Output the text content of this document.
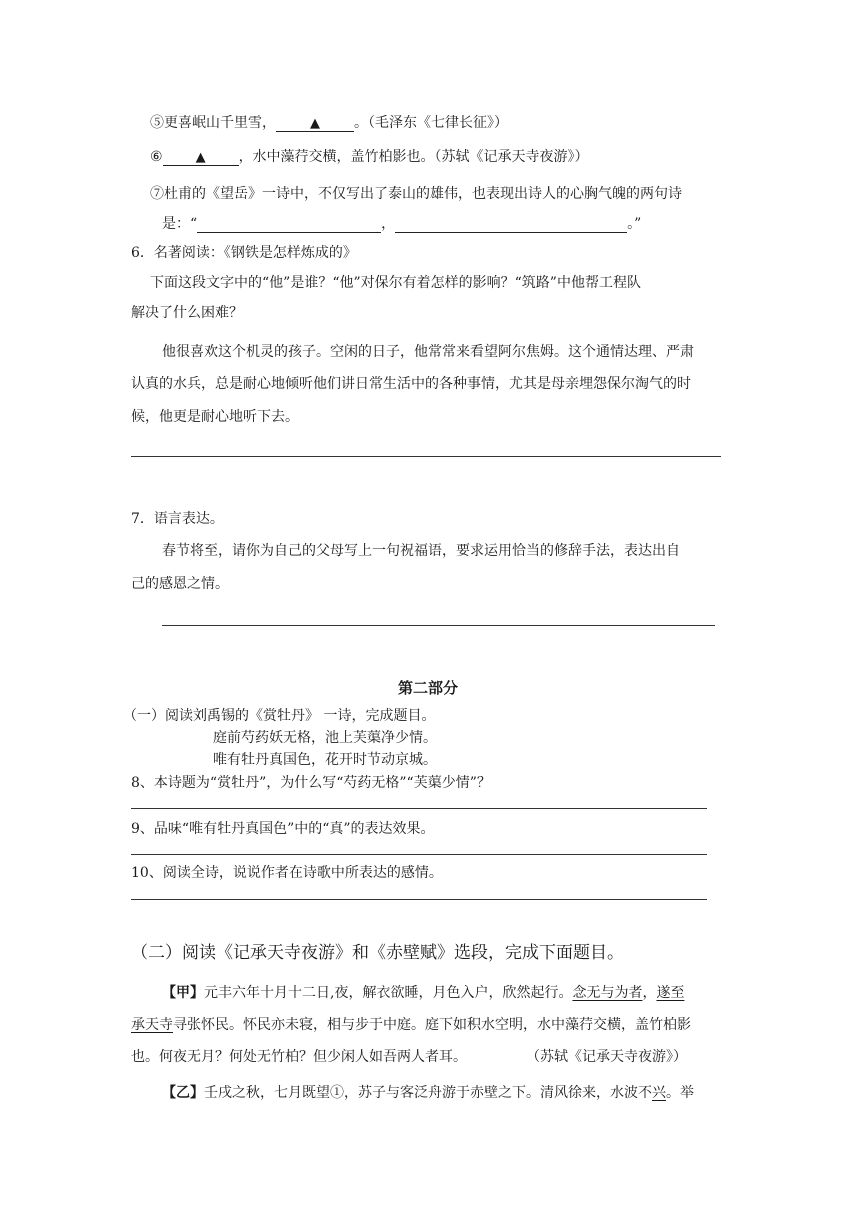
⑤更喜岷山千里雪，	▲ 。（毛泽东《七律长征》）
⑥	▲ ，水中藻荇交横，盖竹柏影也。（苏轼《记承天寺夜游》）
⑦杜甫的《望岳》一诗中，不仅写出了泰山的雄伟，也表现出诗人的心胸气魄的两句诗
是：“	，	。”
6．名著阅读：《钢铁是怎样炼成的》
下面这段文字中的“他”是谁？“他”对保尔有着怎样的影响？“筑路”中他帮工程队
解决了什么困难？
他很喜欢这个机灵的孩子。空闲的日子，他常常来看望阿尔焦姆。这个通情达理、严肃
认真的水兵，总是耐心地倾听他们讲日常生活中的各种事情，尤其是母亲埋怨保尔淘气的时
候，他更是耐心地听下去。
7．语言表达。
春节将至，请你为自己的父母写上一句祝福语，要求运用恰当的修辞手法，表达出自
己的感恩之情。
第二部分
（一）阅读刘禹锡的《赏牡丹》 一诗，完成题目。
庭前芍药妖无格，池上芙蕖净少情。
唯有牡丹真国色，花开时节动京城。
8、本诗题为“赏牡丹”，为什么写“芍药无格”“芙蕖少情”？
9、品味“唯有牡丹真国色”中的“真”的表达效果。
10、阅读全诗，说说作者在诗歌中所表达的感情。
（二）阅读《记承天寺夜游》和《赤壁赋》选段，完成下面题目。
【甲】元丰六年十月十二日,夜，解衣欲睡，月色入户，欣然起行。念无与为者，遂至
承天寺寻张怀民。怀民亦未寝，相与步于中庭。庭下如积水空明，水中藻荇交横，盖竹柏影
也。何夜无月？何处无竹柏？但少闲人如吾两人者耳。	（苏轼《记承天寺夜游》）
【乙】壬戌之秋，七月既望①，苏子与客泛舟游于赤壁之下。清风徐来，水波不兴。举
